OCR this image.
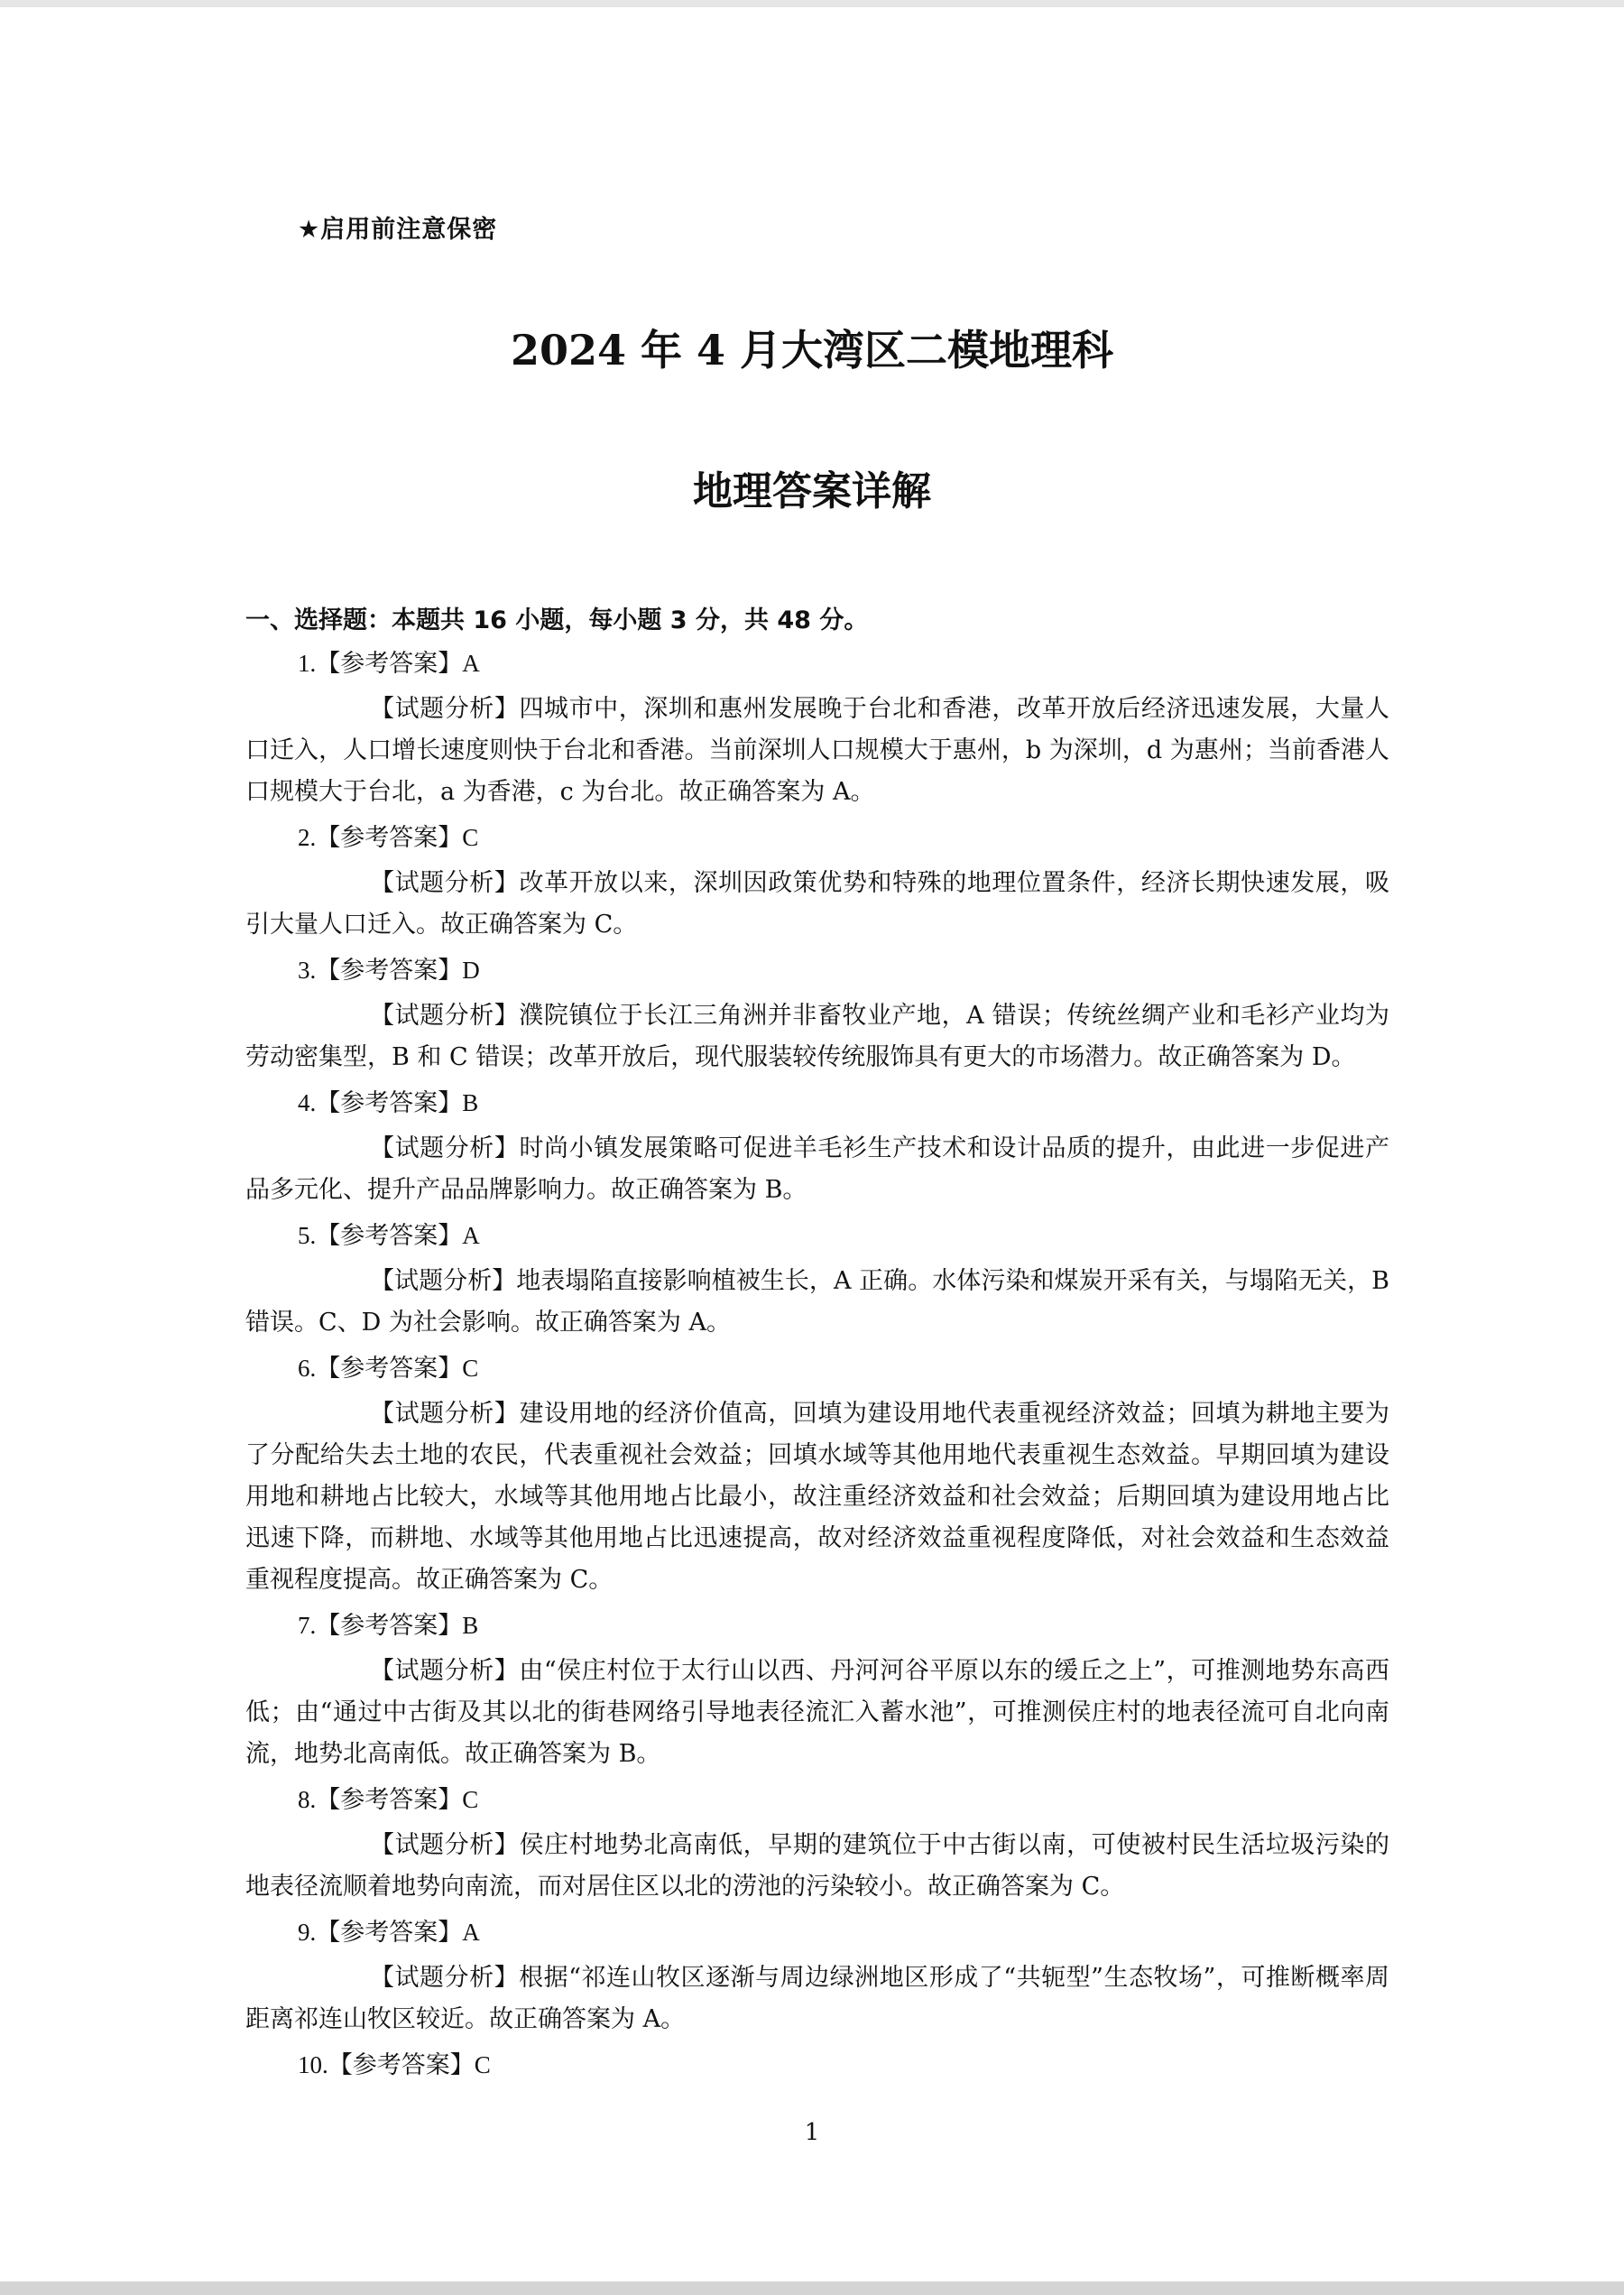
★启用前注意保密
2024 年 4 月大湾区二模地理科
地理答案详解
一、选择题：本题共 16 小题，每小题 3 分，共 48 分。
1.【参考答案】A
【试题分析】四城市中，深圳和惠州发展晚于台北和香港，改革开放后经济迅速发展，大量人口迁入，人口增长速度则快于台北和香港。当前深圳人口规模大于惠州，b 为深圳，d 为惠州；当前香港人口规模大于台北，a 为香港，c 为台北。故正确答案为 A。
2.【参考答案】C
【试题分析】改革开放以来，深圳因政策优势和特殊的地理位置条件，经济长期快速发展，吸引大量人口迁入。故正确答案为 C。
3.【参考答案】D
【试题分析】濮院镇位于长江三角洲并非畜牧业产地，A 错误；传统丝绸产业和毛衫产业均为劳动密集型，B 和 C 错误；改革开放后，现代服装较传统服饰具有更大的市场潜力。故正确答案为 D。
4.【参考答案】B
【试题分析】时尚小镇发展策略可促进羊毛衫生产技术和设计品质的提升，由此进一步促进产品多元化、提升产品品牌影响力。故正确答案为 B。
5.【参考答案】A
【试题分析】地表塌陷直接影响植被生长，A 正确。水体污染和煤炭开采有关，与塌陷无关，B 错误。C、D 为社会影响。故正确答案为 A。
6.【参考答案】C
【试题分析】建设用地的经济价值高，回填为建设用地代表重视经济效益；回填为耕地主要为了分配给失去土地的农民，代表重视社会效益；回填水域等其他用地代表重视生态效益。早期回填为建设用地和耕地占比较大，水域等其他用地占比最小，故注重经济效益和社会效益；后期回填为建设用地占比迅速下降，而耕地、水域等其他用地占比迅速提高，故对经济效益重视程度降低，对社会效益和生态效益重视程度提高。故正确答案为 C。
7.【参考答案】B
【试题分析】由“侯庄村位于太行山以西、丹河河谷平原以东的缓丘之上”，可推测地势东高西低；由“通过中古街及其以北的街巷网络引导地表径流汇入蓄水池”，可推测侯庄村的地表径流可自北向南流，地势北高南低。故正确答案为 B。
8.【参考答案】C
【试题分析】侯庄村地势北高南低，早期的建筑位于中古街以南，可使被村民生活垃圾污染的地表径流顺着地势向南流，而对居住区以北的涝池的污染较小。故正确答案为 C。
9.【参考答案】A
【试题分析】根据“祁连山牧区逐渐与周边绿洲地区形成了“共轭型”生态牧场”，可推断概率周距离祁连山牧区较近。故正确答案为 A。
10.【参考答案】C
1
